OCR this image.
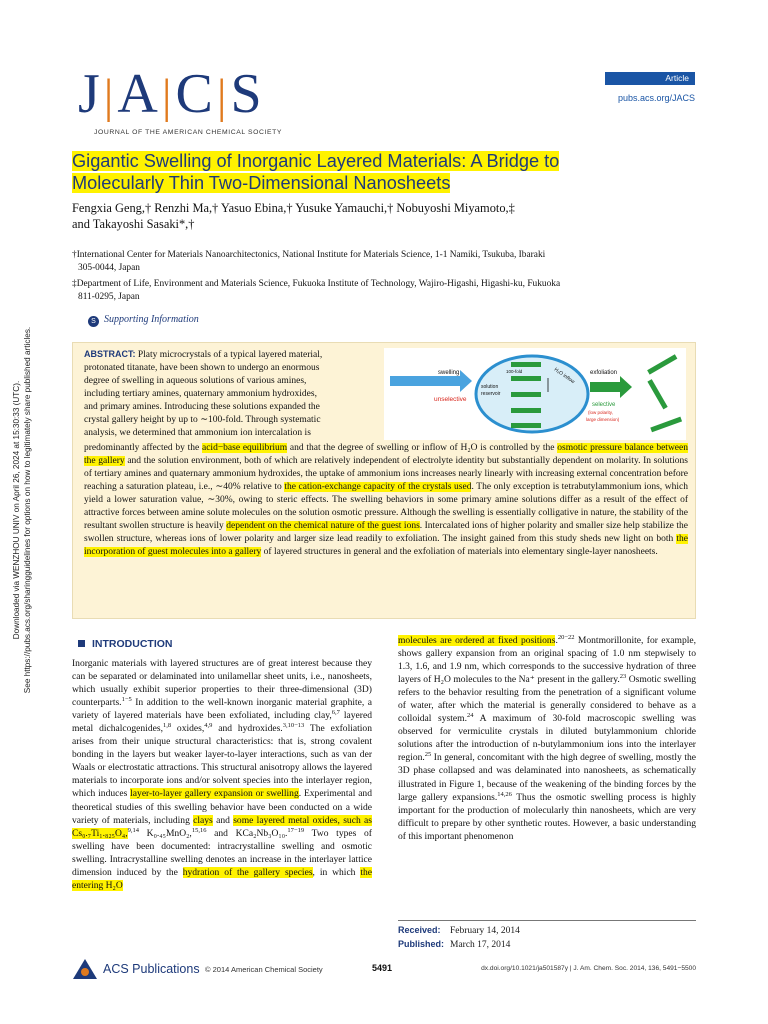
Downloaded via WENZHOU UNIV on April 26, 2024 at 15:30:33 (UTC). See https://pubs.acs.org/sharingguidelines for options on how to legitimately share published articles.
J|A|C|S
JOURNAL OF THE AMERICAN CHEMICAL SOCIETY
Article
pubs.acs.org/JACS
Gigantic Swelling of Inorganic Layered Materials: A Bridge to
Molecularly Thin Two-Dimensional Nanosheets
Fengxia Geng,† Renzhi Ma,† Yasuo Ebina,† Yusuke Yamauchi,† Nobuyoshi Miyamoto,‡
and Takayoshi Sasaki*,†
†International Center for Materials Nanoarchitectonics, National Institute for Materials Science, 1-1 Namiki, Tsukuba, Ibaraki
305-0044, Japan
‡Department of Life, Environment and Materials Science, Fukuoka Institute of Technology, Wajiro-Higashi, Higashi-ku, Fukuoka
811-0295, Japan
S Supporting Information
ABSTRACT: Platy microcrystals of a typical layered material,
protonated titanate, have been shown to undergo an enormous
degree of swelling in aqueous solutions of various amines,
including tertiary amines, quaternary ammonium hydroxides,
and primary amines. Introducing these solutions expanded the
crystal gallery height by up to ∼100-fold. Through systematic
analysis, we determined that ammonium ion intercalation is
swelling
unselective
solution
reservoir
100-fold	H₂O inflow exfoliation
selective
(low polarity,
large dimension)
predominantly affected by the acid−base equilibrium and that the degree of swelling or inflow of H₂O is controlled by the osmotic pressure balance between the gallery and the solution environment, both of which are relatively independent of electrolyte identity but substantially dependent on molarity. In solutions of tertiary amines and quaternary ammonium hydroxides, the uptake of ammonium ions increases nearly linearly with increasing external concentration before reaching a saturation plateau, i.e., ∼40% relative to the cation-exchange capacity of the crystals used. The only exception is tetrabutylammonium ions, which yield a lower saturation value, ∼30%, owing to steric effects. The swelling behaviors in some primary amine solutions differ as a result of the effect of attractive forces between amine solute molecules on the solution osmotic pressure. Although the swelling is essentially colligative in nature, the stability of the resultant swollen structure is heavily dependent on the chemical nature of the guest ions. Intercalated ions of higher polarity and smaller size help stabilize the swollen structure, whereas ions of lower polarity and larger size lead readily to exfoliation. The insight gained from this study sheds new light on both the incorporation of guest molecules into a gallery of layered structures in general and the exfoliation of materials into elementary single-layer nanosheets.
INTRODUCTION
Inorganic materials with layered structures are of great interest because they can be separated or delaminated into unilamellar sheet units, i.e., nanosheets, which usually exhibit superior properties to their three-dimensional (3D) counterparts.$^{1-5}$ In addition to the well-known inorganic material graphite, a variety of layered materials have been exfoliated, including clay,$^{6,7}$ layered metal dichalcogenides,$^{1,8}$ oxides,$^{4,9}$ and hydroxides.$^{3,10-13}$ The exfoliation arises from their unique structural characteristics: that is, strong covalent bonding in the layers but weaker layer-to-layer interactions, such as van der Waals or electrostatic attractions. This structural anisotropy allows the layered materials to incorporate ions and/or solvent species into the interlayer region, which induces layer-to-layer gallery expansion or swelling. Experimental and theoretical studies of this swelling behavior have been conducted on a wide variety of materials, including clays and some layered metal oxides, such as Cs₀.₇Ti₁.₈₂₅O₄,$^{9,14}$ K₀.₄₅MnO₂,$^{15,16}$ and KCa₂Nb₃O₁₀.$^{17-19}$ Two types of swelling have been documented: intracrystalline swelling and osmotic swelling. Intracrystalline swelling denotes an increase in the interlayer lattice dimension induced by the hydration of the gallery species, in which the entering H₂O
molecules are ordered at fixed positions.$^{20-22}$ Montmorillonite, for example, shows gallery expansion from an original spacing of 1.0 nm stepwisely to 1.3, 1.6, and 1.9 nm, which corresponds to the successive hydration of three layers of H₂O molecules to the Na⁺ present in the gallery.$^{23}$ Osmotic swelling refers to the behavior resulting from the penetration of a significant volume of water, after which the material is generally considered to behave as a colloidal system.$^{24}$ A maximum of 30-fold macroscopic swelling was observed for vermiculite crystals in diluted butylammonium chloride solutions after the introduction of n-butylammonium ions into the interlayer region.$^{25}$ In general, concomitant with the high degree of swelling, mostly the 3D phase collapsed and was delaminated into nanosheets, as schematically illustrated in Figure 1, because of the weakening of the binding forces by the large gallery expansions.$^{14,26}$ Thus the osmotic swelling process is highly important for the production of molecularly thin nanosheets, which are very difficult to prepare by other synthetic routes. However, a basic understanding of this important phenomenon
Received: February 14, 2014
Published: March 17, 2014
ACS Publications © 2014 American Chemical Society	5491	dx.doi.org/10.1021/ja501587y | J. Am. Chem. Soc. 2014, 136, 5491−5500
